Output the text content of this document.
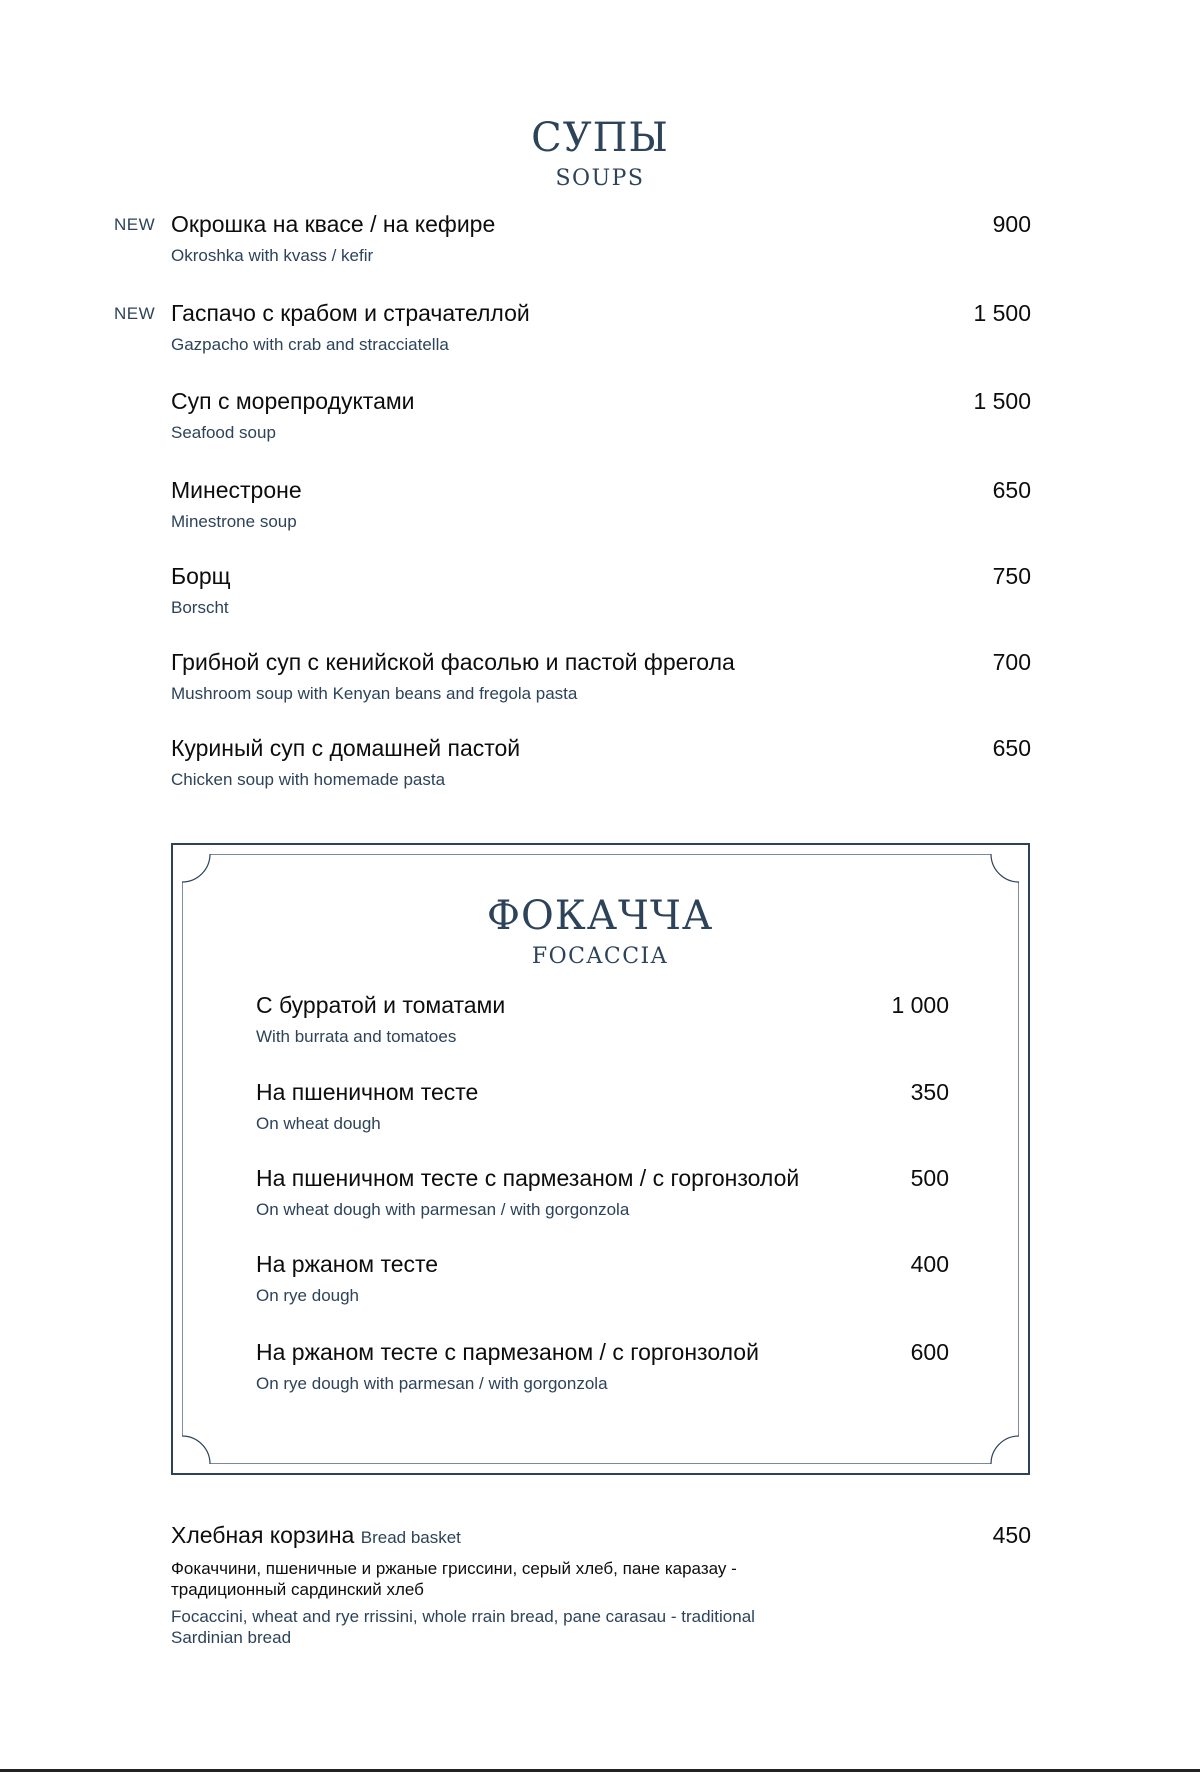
СУПЫ
SOUPS
NEW Окрошка на квасе / на кефире
Okroshka with kvass / kefir
900
NEW Гаспачо с крабом и страчателлой
Gazpacho with crab and stracciatella
1 500
Суп с морепродуктами
Seafood soup
1 500
Минестроне
Minestrone soup
650
Борщ
Borscht
750
Грибной суп с кенийской фасолью и пастой фрегола
Mushroom soup with Kenyan beans and fregola pasta
700
Куриный суп с домашней пастой
Chicken soup with homemade pasta
650
ФОКАЧЧА
FOCACCIA
С бурратой и томатами
With burrata and tomatoes
1 000
На пшеничном тесте
On wheat dough
350
На пшеничном тесте с пармезаном / с горгонзолой
On wheat dough with parmesan / with gorgonzola
500
На ржаном тесте
On rye dough
400
На ржаном тесте с пармезаном / с горгонзолой
On rye dough with parmesan / with gorgonzola
600
Хлебная корзина Bread basket	450
Фокаччини, пшеничные и ржаные гриссини, серый хлеб, пане каразау - традиционный сардинский хлеб
Focaccini, wheat and rye rrissini, whole rrain bread, pane carasau - traditional Sardinian bread
